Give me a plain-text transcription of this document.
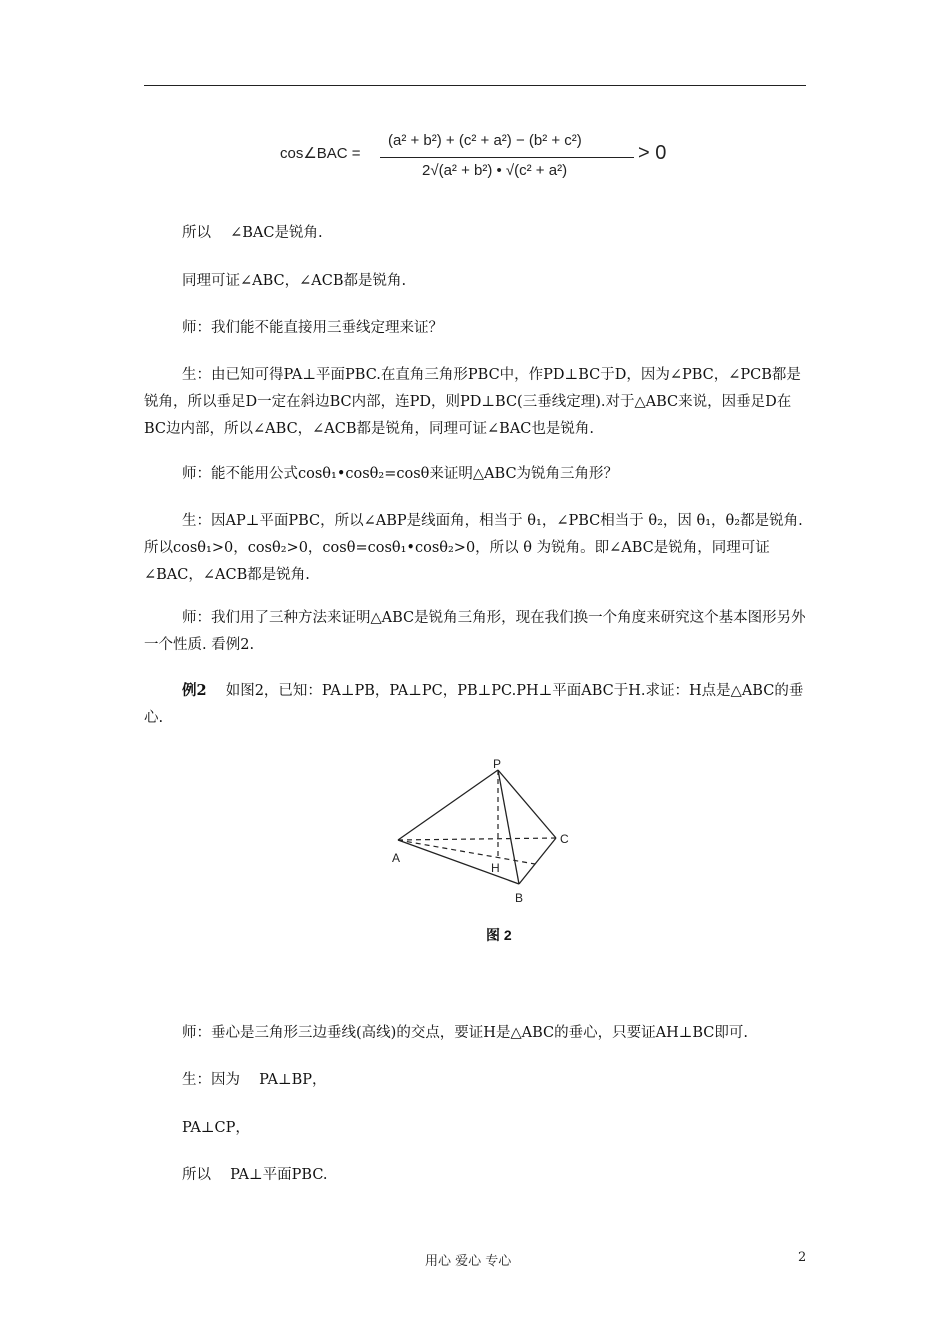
cos∠BAC =
(a² + b²) + (c² + a²) − (b² + c²)
2√(a² + b²) • √(c² + a²)
> 0

所以　 ∠BAC是锐角.

同理可证∠ABC，∠ACB都是锐角.

师：我们能不能直接用三垂线定理来证？

生：由已知可得PA⊥平面PBC.在直角三角形PBC中，作PD⊥BC于D，因为∠PBC，∠PCB都是锐角，所以垂足D一定在斜边BC内部，连PD，则PD⊥BC(三垂线定理).对于△ABC来说，因垂足D在BC边内部，所以∠ABC，∠ACB都是锐角，同理可证∠BAC也是锐角.

师：能不能用公式cosθ₁•cosθ₂=cosθ来证明△ABC为锐角三角形？

生：因AP⊥平面PBC，所以∠ABP是线面角，相当于 θ₁，∠PBC相当于 θ₂，因 θ₁，θ₂都是锐角.所以cosθ₁>0，cosθ₂>0，cosθ=cosθ₁•cosθ₂>0，所以 θ 为锐角。即∠ABC是锐角，同理可证∠BAC，∠ACB都是锐角.

师：我们用了三种方法来证明△ABC是锐角三角形，现在我们换一个角度来研究这个基本图形另外一个性质. 看例2.

例2　 如图2，已知：PA⊥PB，PA⊥PC，PB⊥PC.PH⊥平面ABC于H.求证：H点是△ABC的垂心.

P
A
B
C
H
图 2

师：垂心是三角形三边垂线(高线)的交点，要证H是△ABC的垂心，只要证AH⊥BC即可.

生：因为　 PA⊥BP，

PA⊥CP，

所以　 PA⊥平面PBC.

用心 爱心 专心	2
